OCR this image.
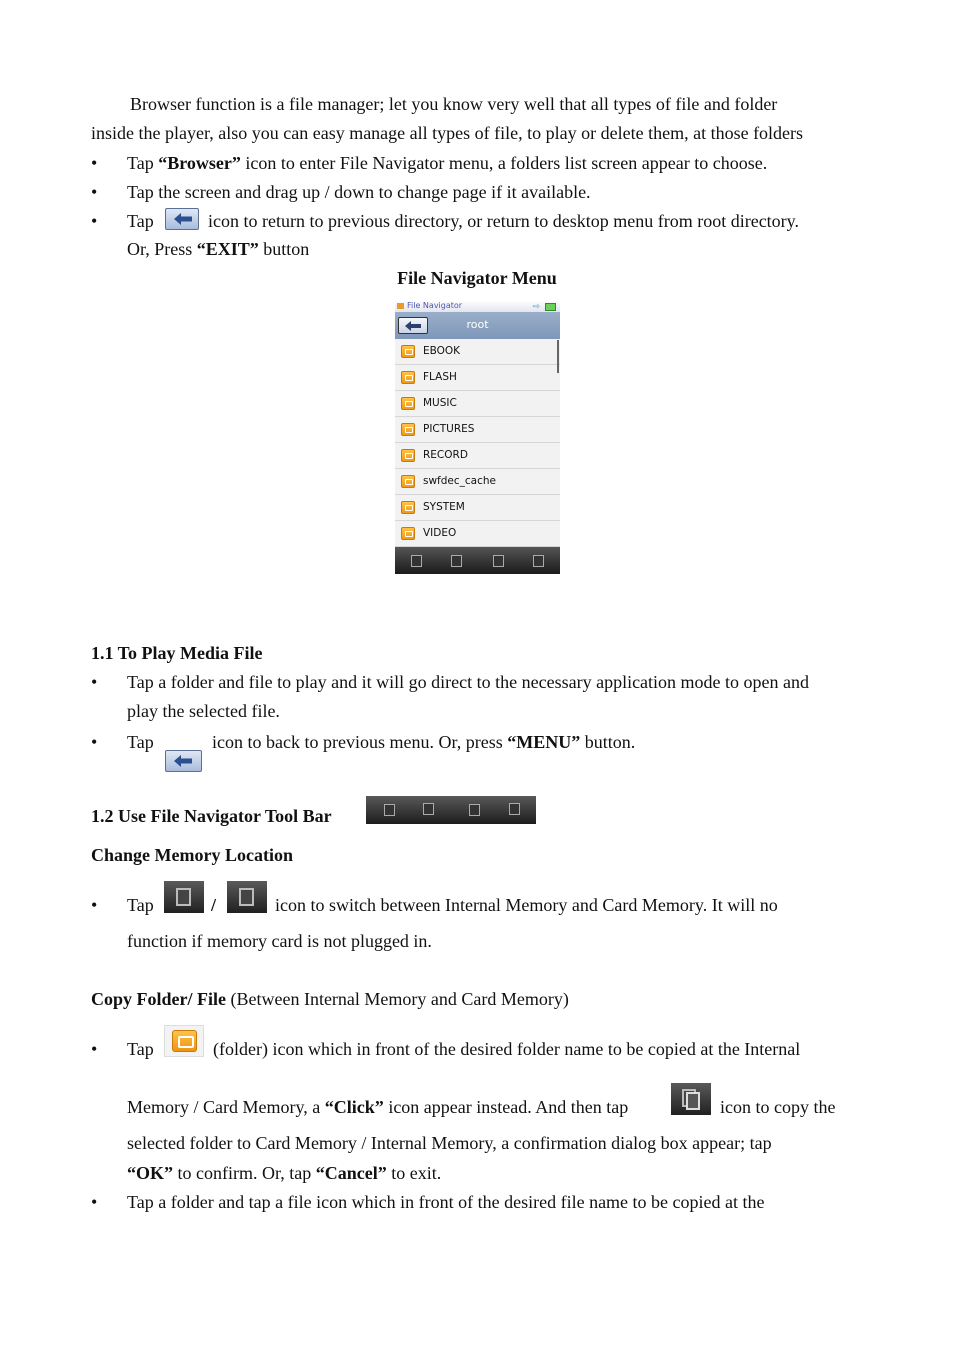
Browser function is a file manager; let you know very well that all types of file and folder
inside the player, also you can easy manage all types of file, to play or delete them, at those folders
• Tap “Browser” icon to enter File Navigator menu, a folders list screen appear to choose.
• Tap the screen and drag up / down to change page if it available.
• Tap	icon to return to previous directory, or return to desktop menu from root directory.
Or, Press “EXIT” button
File Navigator Menu
File Navigator	⇨
root
EBOOK
FLASH
MUSIC
PICTURES
RECORD
swfdec_cache
SYSTEM
VIDEO
1.1 To Play Media File
• Tap a folder and file to play and it will go direct to the necessary application mode to open and
play the selected file.
• Tap	icon to back to previous menu. Or, press “MENU” button.
1.2 Use File Navigator Tool Bar
Change Memory Location
• Tap	/	icon to switch between Internal Memory and Card Memory. It will no
function if memory card is not plugged in.
Copy Folder/ File (Between Internal Memory and Card Memory)
• Tap	(folder) icon which in front of the desired folder name to be copied at the Internal
Memory / Card Memory, a “Click” icon appear instead. And then tap	icon to copy the
selected folder to Card Memory / Internal Memory, a confirmation dialog box appear; tap
“OK” to confirm. Or, tap “Cancel” to exit.
• Tap a folder and tap a file icon which in front of the desired file name to be copied at the
